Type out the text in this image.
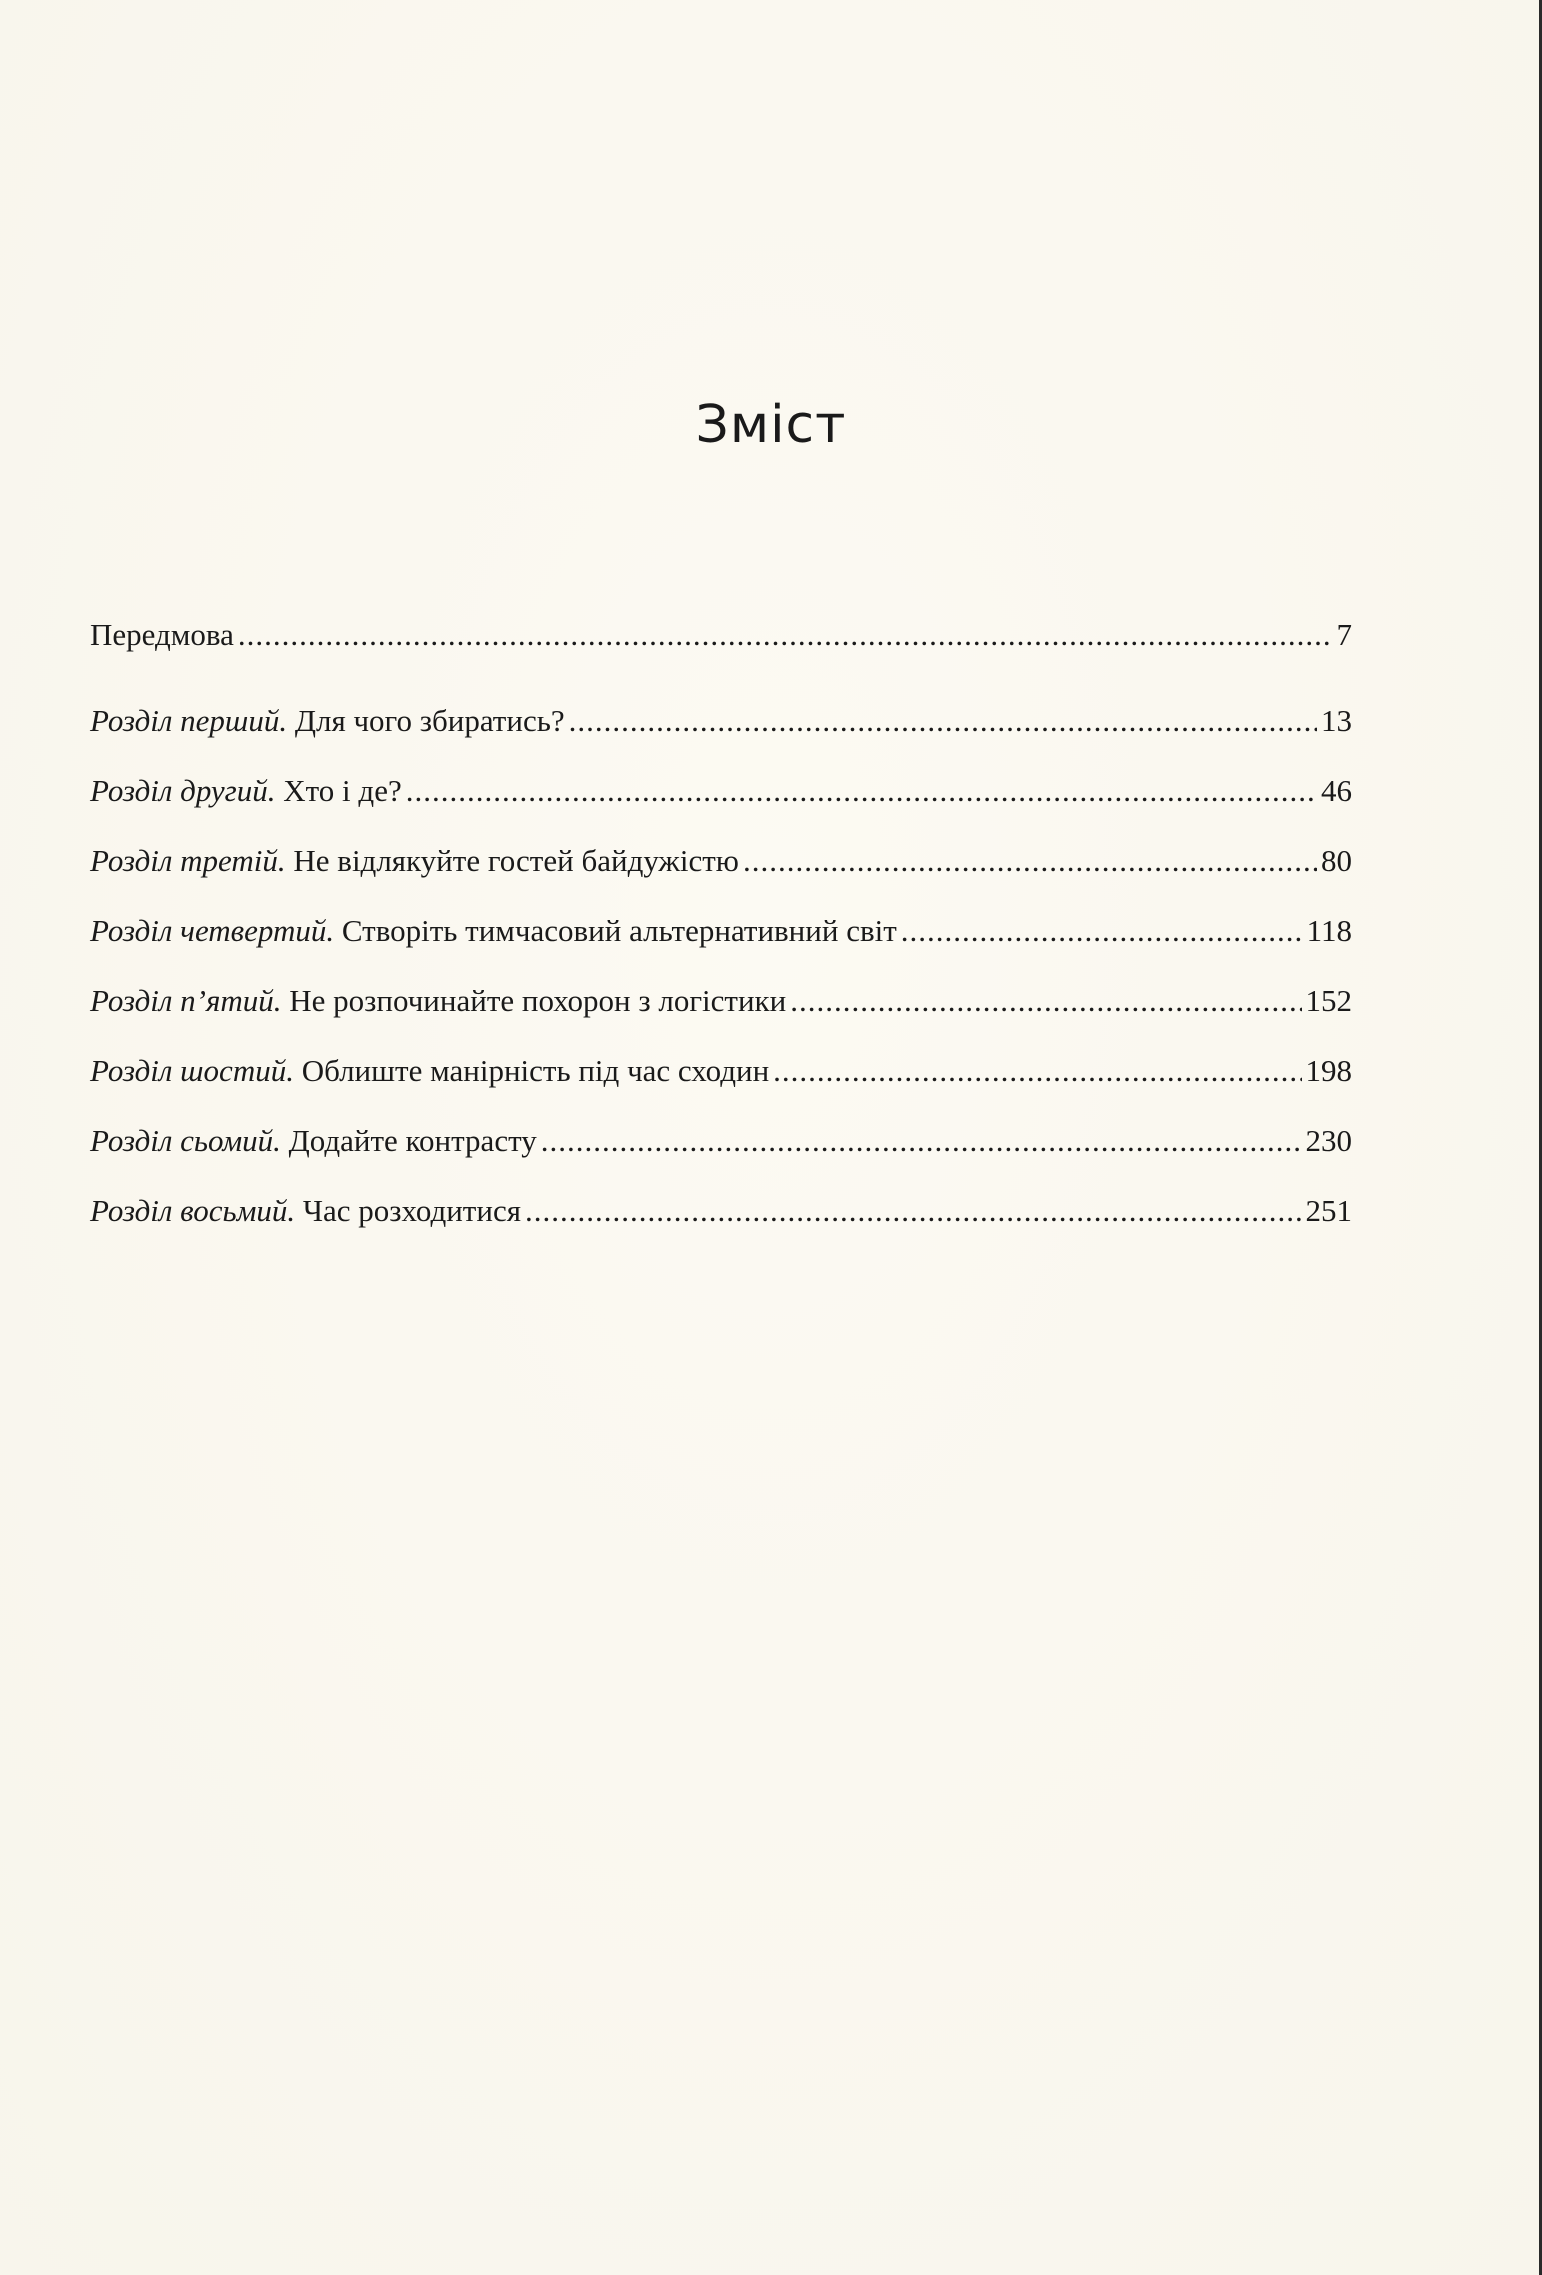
Зміст
Передмова .....	7
Розділ перший. Для чого збиратись? .....	13
Розділ другий. Хто і де? .....	46
Розділ третій. Не відлякуйте гостей байдужістю .....	80
Розділ четвертий. Створіть тимчасовий альтернативний світ .....	118
Розділ п’ятий. Не розпочинайте похорон з логістики .....	152
Розділ шостий. Облиште манірність під час сходин .....	198
Розділ сьомий. Додайте контрасту .....	230
Розділ восьмий. Час розходитися .....	251
